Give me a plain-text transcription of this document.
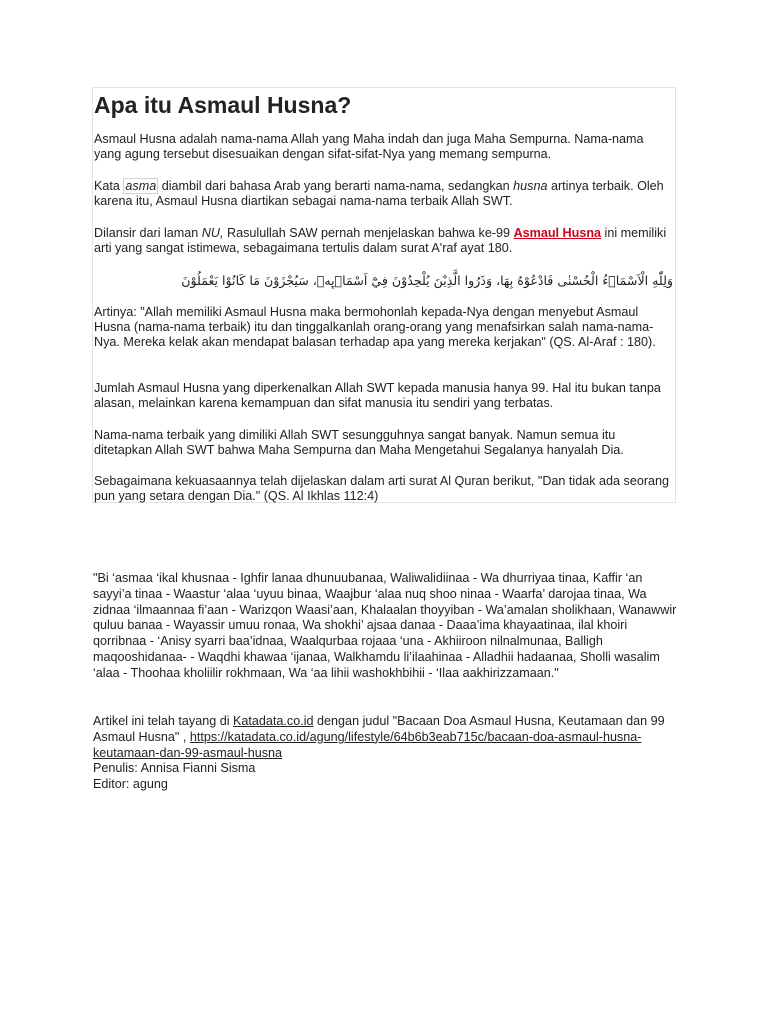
Apa itu Asmaul Husna?

Asmaul Husna adalah nama-nama Allah yang Maha indah dan juga Maha Sempurna. Nama-nama yang agung tersebut disesuaikan dengan sifat-sifat-Nya yang memang sempurna.

Kata asma diambil dari bahasa Arab yang berarti nama-nama, sedangkan husna artinya terbaik. Oleh karena itu, Asmaul Husna diartikan sebagai nama-nama terbaik Allah SWT.

Dilansir dari laman NU, Rasulullah SAW pernah menjelaskan bahwa ke-99 Asmaul Husna ini memiliki arti yang sangat istimewa, sebagaimana tertulis dalam surat A'raf ayat 180.

وَلِلّٰهِ الْاَسْمَاۤءُ الْحُسْنٰى فَادْعُوْهُ بِهَا، وَذَرُوا الَّذِيْنَ يُلْحِدُوْنَ فِيْٓ اَسْمَاۤىِٕهٖ، سَيُجْزَوْنَ مَا كَانُوْا يَعْمَلُوْنَ

Artinya: "Allah memiliki Asmaul Husna maka bermohonlah kepada-Nya dengan menyebut Asmaul Husna (nama-nama terbaik) itu dan tinggalkanlah orang-orang yang menafsirkan salah nama-nama-Nya. Mereka kelak akan mendapat balasan terhadap apa yang mereka kerjakan" (QS. Al-Araf : 180).

Jumlah Asmaul Husna yang diperkenalkan Allah SWT kepada manusia hanya 99. Hal itu bukan tanpa alasan, melainkan karena kemampuan dan sifat manusia itu sendiri yang terbatas.

Nama-nama terbaik yang dimiliki Allah SWT sesungguhnya sangat banyak. Namun semua itu ditetapkan Allah SWT bahwa Maha Sempurna dan Maha Mengetahui Segalanya hanyalah Dia.

Sebagaimana kekuasaannya telah dijelaskan dalam arti surat Al Quran berikut, "Dan tidak ada seorang pun yang setara dengan Dia." (QS. Al Ikhlas 112:4)

"Bi ‘asmaa ‘ikal khusnaa - Ighfir lanaa dhunuubanaa, Waliwalidiinaa - Wa dhurriyaa tinaa, Kaffir ‘an sayyi’a tinaa - Waastur ‘alaa ‘uyuu binaa, Waajbur ‘alaa nuq shoo ninaa - Waarfa’ darojaa tinaa, Wa zidnaa ‘ilmaannaa fi’aan - Warizqon Waasi’aan, Khalaalan thoyyiban - Wa’amalan sholikhaan, Wanawwir quluu banaa - Wayassir umuu ronaa, Wa shokhi’ ajsaa danaa - Daaa’ima khayaatinaa, ilal khoiri qorribnaa - ‘Anisy syarri baa’idnaa, Waalqurbaa rojaaa ‘una - Akhiiroon nilnalmunaa, Balligh maqooshidanaa- - Waqdhi khawaa ‘ijanaa, Walkhamdu li’ilaahinaa - Alladhii hadaanaa, Sholli wasalim ‘alaa - Thoohaa kholiilir rokhmaan, Wa ‘aa lihii washokhbihii - ‘Ilaa aakhirizzamaan."

Artikel ini telah tayang di Katadata.co.id dengan judul "Bacaan Doa Asmaul Husna, Keutamaan dan 99 Asmaul Husna" , https://katadata.co.id/agung/lifestyle/64b6b3eab715c/bacaan-doa-asmaul-husna-keutamaan-dan-99-asmaul-husna

Penulis: Annisa Fianni Sisma

Editor: agung
